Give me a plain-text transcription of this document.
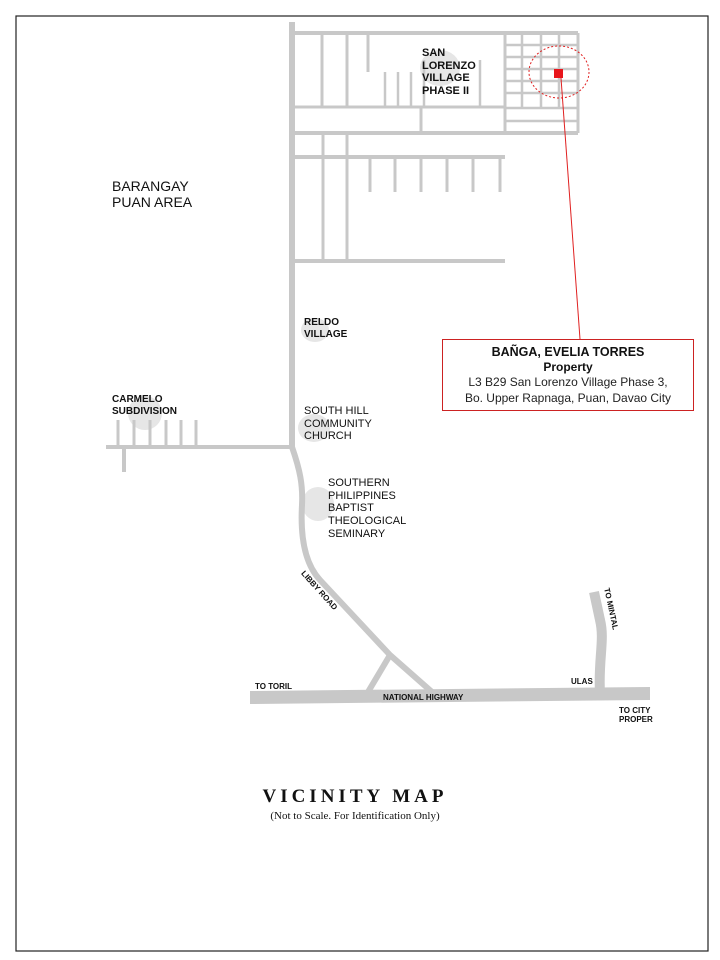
BARANGAY
PUAN AREA
SAN
LORENZO
VILLAGE
PHASE II
RELDO
VILLAGE
CARMELO
SUBDIVISION	SOUTH HILL
COMMUNITY
CHURCH
SOUTHERN
PHILIPPINES
BAPTIST
THEOLOGICAL
SEMINARY
LIBBY ROAD
NATIONAL HIGHWAY
TO TORIL
ULAS
TO CITY
PROPER
TO MINTAL
BAÑGA, EVELIA TORRES
Property
L3 B29 San Lorenzo Village Phase 3,
Bo. Upper Rapnaga, Puan, Davao City
VICINITY MAP
(Not to Scale. For Identification Only)
